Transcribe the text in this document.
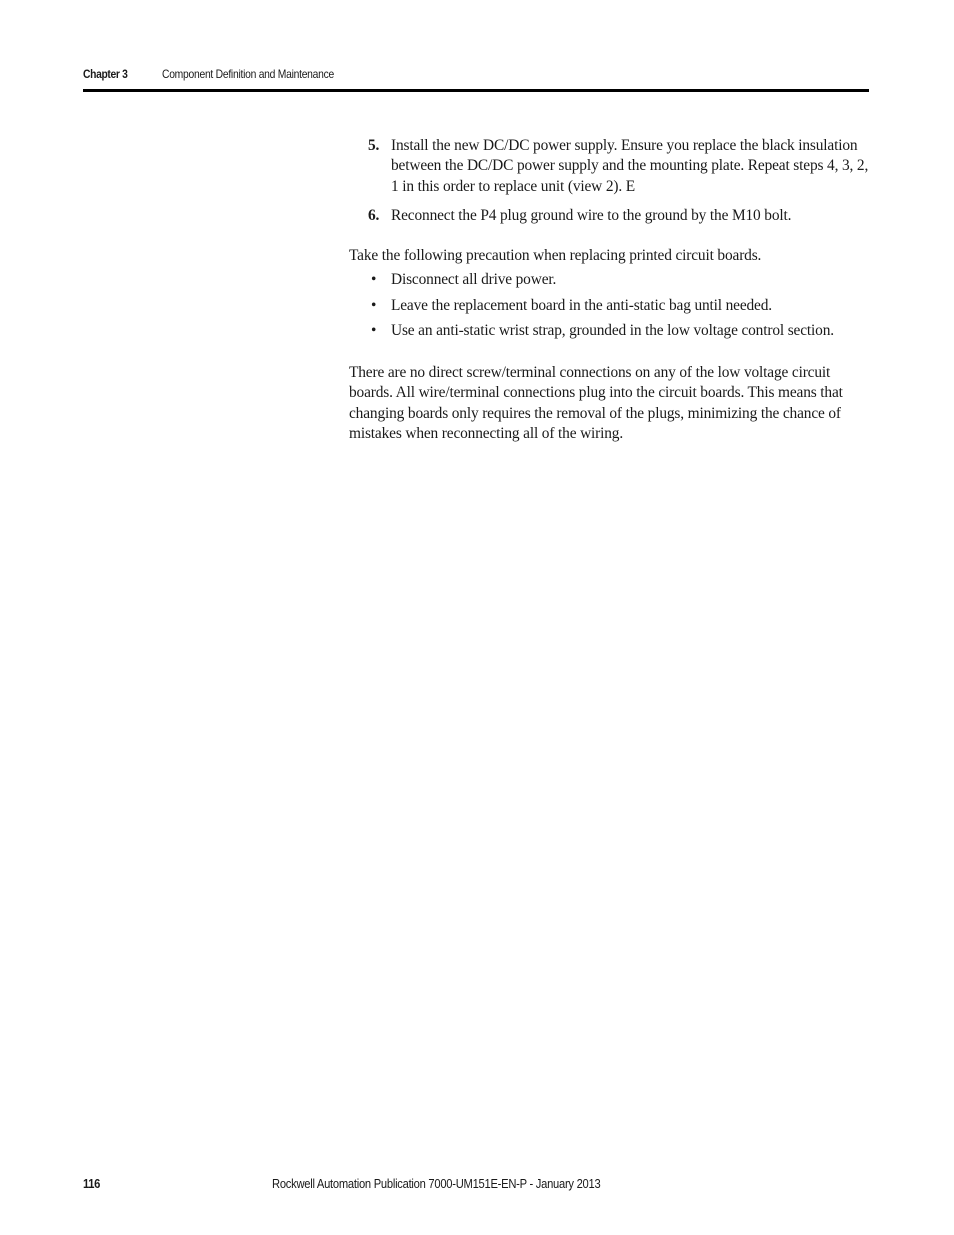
Chapter 3	Component Definition and Maintenance
5. Install the new DC/DC power supply. Ensure you replace the black insulation between the DC/DC power supply and the mounting plate. Repeat steps 4, 3, 2, 1 in this order to replace unit (view 2). E
6. Reconnect the P4 plug ground wire to the ground by the M10 bolt.

Take the following precaution when replacing printed circuit boards.

• Disconnect all drive power.
• Leave the replacement board in the anti-static bag until needed.
• Use an anti-static wrist strap, grounded in the low voltage control section.

There are no direct screw/terminal connections on any of the low voltage circuit boards. All wire/terminal connections plug into the circuit boards. This means that changing boards only requires the removal of the plugs, minimizing the chance of mistakes when reconnecting all of the wiring.

116	Rockwell Automation Publication 7000-UM151E-EN-P - January 2013
